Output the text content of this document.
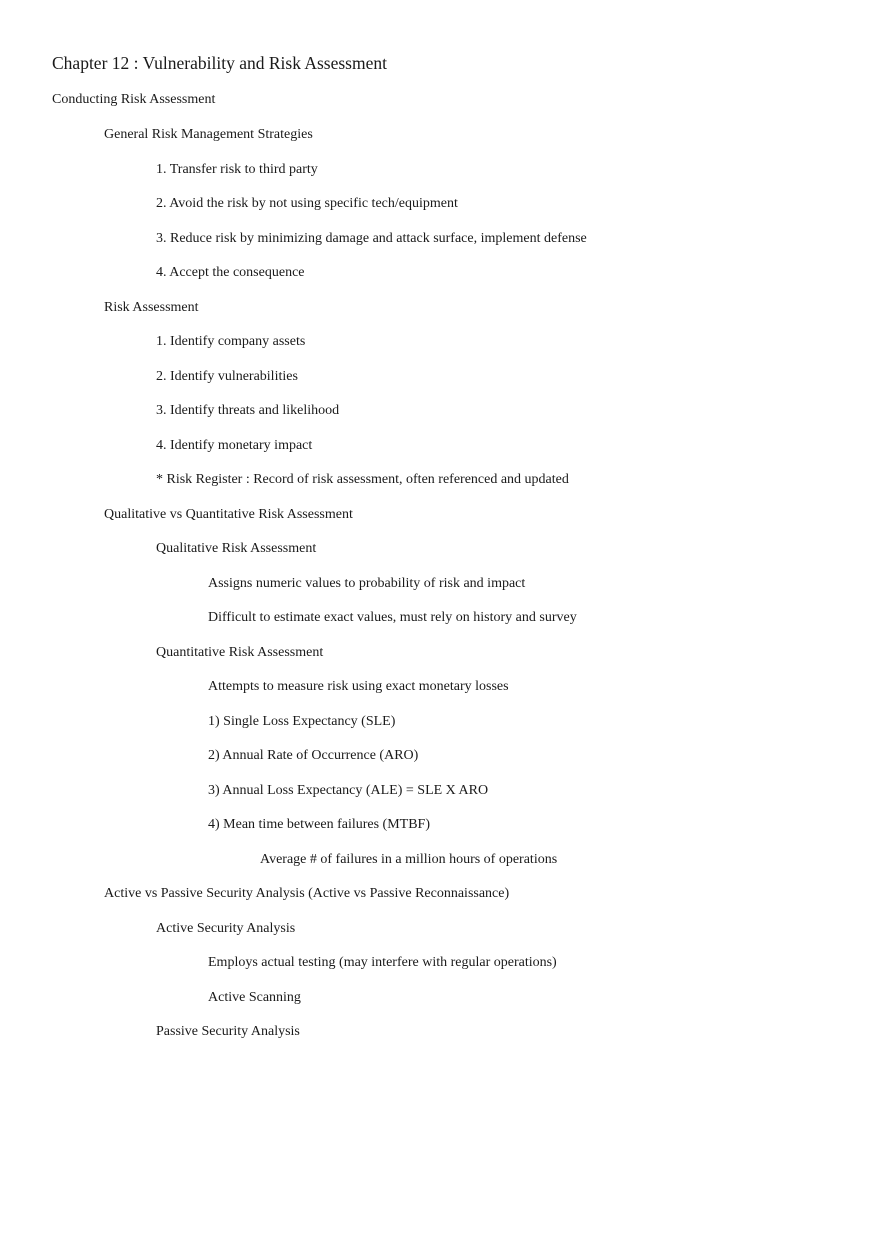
Chapter 12 : Vulnerability and Risk Assessment

Conducting Risk Assessment

General Risk Management Strategies

1. Transfer risk to third party

2. Avoid the risk by not using specific tech/equipment

3. Reduce risk by minimizing damage and attack surface, implement defense

4. Accept the consequence

Risk Assessment

1. Identify company assets

2. Identify vulnerabilities

3. Identify threats and likelihood

4. Identify monetary impact

* Risk Register : Record of risk assessment, often referenced and updated

Qualitative vs Quantitative Risk Assessment

Qualitative Risk Assessment

Assigns numeric values to probability of risk and impact

Difficult to estimate exact values, must rely on history and survey

Quantitative Risk Assessment

Attempts to measure risk using exact monetary losses

1) Single Loss Expectancy (SLE)

2) Annual Rate of Occurrence (ARO)

3) Annual Loss Expectancy (ALE) = SLE X ARO

4) Mean time between failures (MTBF)

Average # of failures in a million hours of operations

Active vs Passive Security Analysis (Active vs Passive Reconnaissance)

Active Security Analysis

Employs actual testing (may interfere with regular operations)

Active Scanning

Passive Security Analysis
